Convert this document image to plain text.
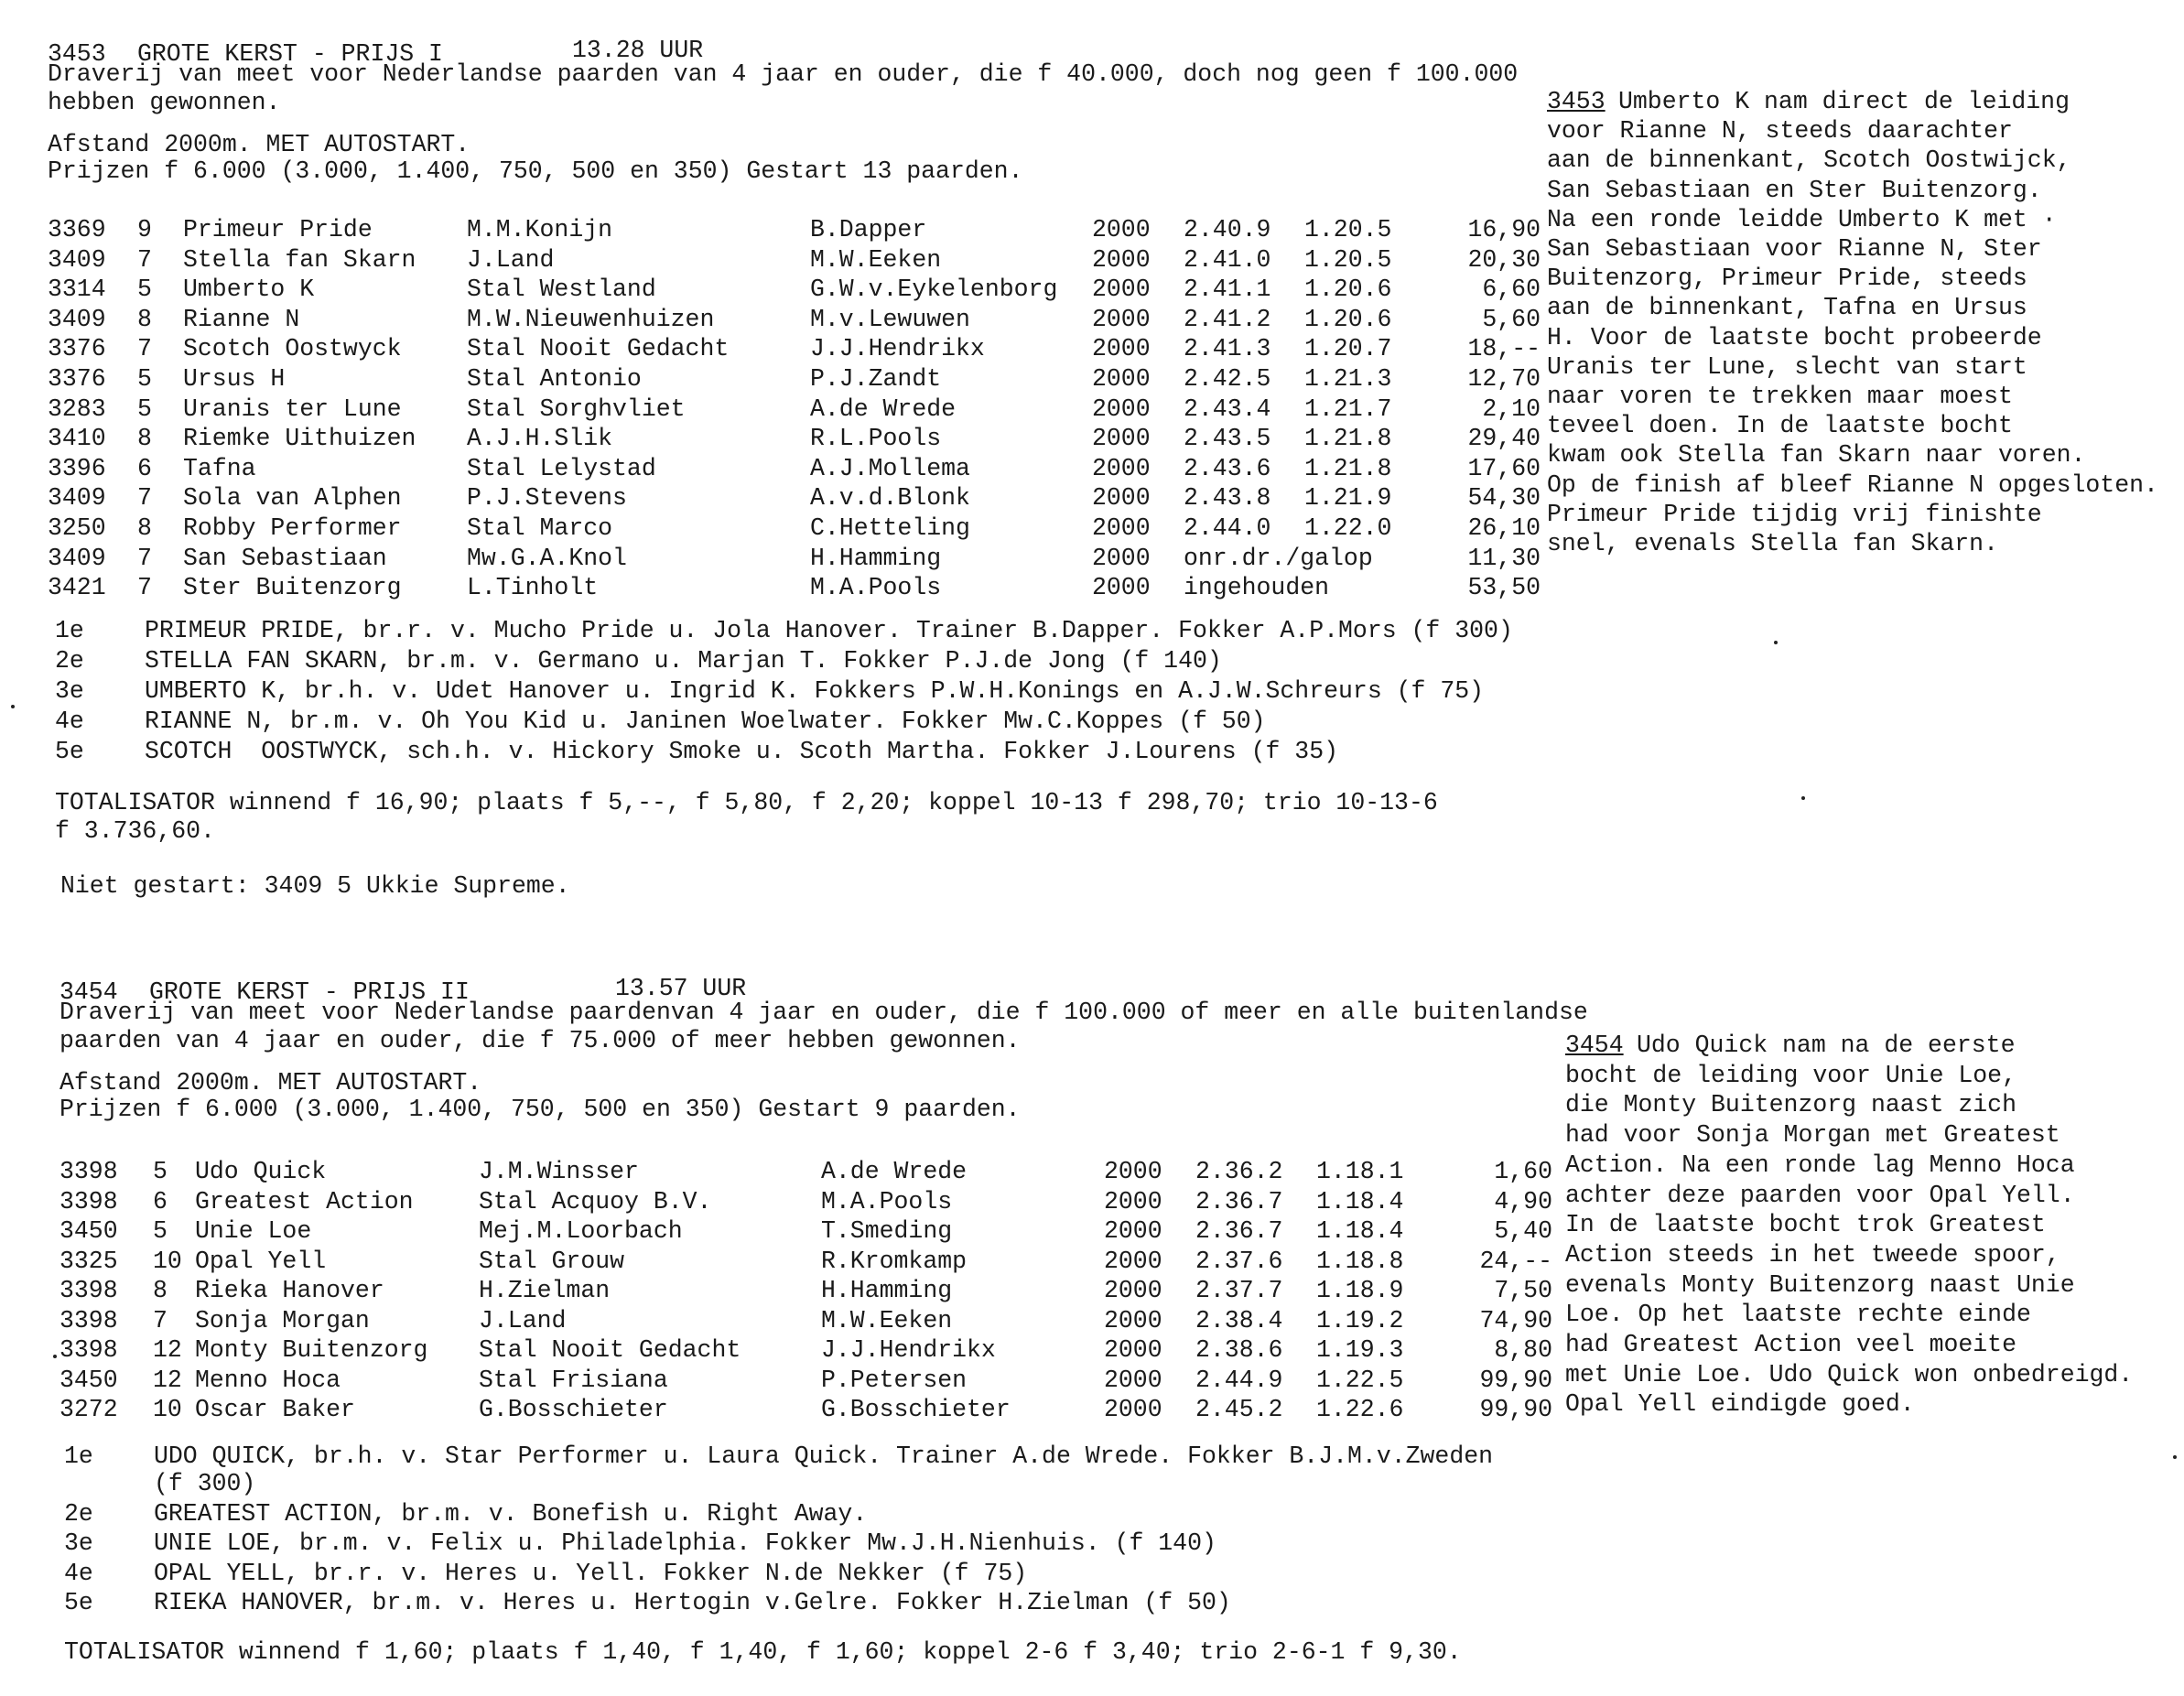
3453 GROTE KERST - PRIJS I	13.28 UUR
Draverij van meet voor Nederlandse paarden van 4 jaar en ouder, die f 40.000, doch nog geen f 100.000
hebben gewonnen.
Afstand 2000m. MET AUTOSTART.
Prijzen f 6.000 (3.000, 1.400, 750, 500 en 350) Gestart 13 paarden.
3453 Umberto K nam direct de leiding
voor Rianne N, steeds daarachter
aan de binnenkant, Scotch Oostwijck,
San Sebastiaan en Ster Buitenzorg.
Na een ronde leidde Umberto K met ·
San Sebastiaan voor Rianne N, Ster
Buitenzorg, Primeur Pride, steeds
aan de binnenkant, Tafna en Ursus
H. Voor de laatste bocht probeerde
Uranis ter Lune, slecht van start
naar voren te trekken maar moest
teveel doen. In de laatste bocht
kwam ook Stella fan Skarn naar voren.
Op de finish af bleef Rianne N opgesloten.
Primeur Pride tijdig vrij finishte
snel, evenals Stella fan Skarn.
3369 9 Primeur Pride	M.M.Konijn	B.Dapper	2000 2.40.9 1.20.5	16,90
3409 7 Stella fan Skarn J.Land	M.W.Eeken	2000 2.41.0 1.20.5	20,30
3314 5 Umberto K	Stal Westland	G.W.v.Eykelenborg 2000 2.41.1 1.20.6	6,60
3409 8 Rianne N	M.W.Nieuwenhuizen	M.v.Lewuwen	2000 2.41.2 1.20.6	5,60
3376 7 Scotch Oostwyck	Stal Nooit Gedacht	J.J.Hendrikx	2000 2.41.3 1.20.7	18,--
3376 5 Ursus H	Stal Antonio	P.J.Zandt	2000 2.42.5 1.21.3	12,70
3283 5 Uranis ter Lune	Stal Sorghvliet	A.de Wrede	2000 2.43.4 1.21.7	2,10
3410 8 Riemke Uithuizen A.J.H.Slik	R.L.Pools	2000 2.43.5 1.21.8	29,40
3396 6 Tafna	Stal Lelystad	A.J.Mollema	2000 2.43.6 1.21.8	17,60
3409 7 Sola van Alphen	P.J.Stevens	A.v.d.Blonk	2000 2.43.8 1.21.9	54,30
3250 8 Robby Performer	Stal Marco	C.Hetteling	2000 2.44.0 1.22.0	26,10
3409 7 San Sebastiaan	Mw.G.A.Knol	H.Hamming	2000 onr.dr./galop	11,30
3421 7 Ster Buitenzorg	L.Tinholt	M.A.Pools	2000 ingehouden	53,50
1e PRIMEUR PRIDE, br.r. v. Mucho Pride u. Jola Hanover. Trainer B.Dapper. Fokker A.P.Mors (f 300)
2e STELLA FAN SKARN, br.m. v. Germano u. Marjan T. Fokker P.J.de Jong (f 140)
3e UMBERTO K, br.h. v. Udet Hanover u. Ingrid K. Fokkers P.W.H.Konings en A.J.W.Schreurs (f 75)
4e RIANNE N, br.m. v. Oh You Kid u. Janinen Woelwater. Fokker Mw.C.Koppes (f 50)
5e SCOTCH  OOSTWYCK, sch.h. v. Hickory Smoke u. Scoth Martha. Fokker J.Lourens (f 35)
TOTALISATOR winnend f 16,90; plaats f 5,--, f 5,80, f 2,20; koppel 10-13 f 298,70; trio 10-13-6
f 3.736,60.
Niet gestart: 3409 5 Ukkie Supreme.
3454 GROTE KERST - PRIJS II	13.57 UUR
Draverij van meet voor Nederlandse paardenvan 4 jaar en ouder, die f 100.000 of meer en alle buitenlandse
paarden van 4 jaar en ouder, die f 75.000 of meer hebben gewonnen.
Afstand 2000m. MET AUTOSTART.
Prijzen f 6.000 (3.000, 1.400, 750, 500 en 350) Gestart 9 paarden.
3454 Udo Quick nam na de eerste
bocht de leiding voor Unie Loe,
die Monty Buitenzorg naast zich
had voor Sonja Morgan met Greatest
Action. Na een ronde lag Menno Hoca
achter deze paarden voor Opal Yell.
In de laatste bocht trok Greatest
Action steeds in het tweede spoor,
evenals Monty Buitenzorg naast Unie
Loe. Op het laatste rechte einde
had Greatest Action veel moeite
met Unie Loe. Udo Quick won onbedreigd.
Opal Yell eindigde goed.
3398 5 Udo Quick	J.M.Winsser	A.de Wrede	2000 2.36.2 1.18.1	1,60
3398 6 Greatest Action	Stal Acquoy B.V.	M.A.Pools	2000 2.36.7 1.18.4	4,90
3450 5 Unie Loe	Mej.M.Loorbach	T.Smeding	2000 2.36.7 1.18.4	5,40
3325 10 Opal Yell	Stal Grouw	R.Kromkamp	2000 2.37.6 1.18.8	24,--
3398 8 Rieka Hanover	H.Zielman	H.Hamming	2000 2.37.7 1.18.9	7,50
3398 7 Sonja Morgan	J.Land	M.W.Eeken	2000 2.38.4 1.19.2	74,90
3398 12 Monty Buitenzorg Stal Nooit Gedacht	J.J.Hendrikx	2000 2.38.6 1.19.3	8,80
3450 12 Menno Hoca	Stal Frisiana	P.Petersen	2000 2.44.9 1.22.5	99,90
3272 10 Oscar Baker	G.Bosschieter	G.Bosschieter	2000 2.45.2 1.22.6	99,90
1e UDO QUICK, br.h. v. Star Performer u. Laura Quick. Trainer A.de Wrede. Fokker B.J.M.v.Zweden
(f 300)
2e GREATEST ACTION, br.m. v. Bonefish u. Right Away.
3e UNIE LOE, br.m. v. Felix u. Philadelphia. Fokker Mw.J.H.Nienhuis. (f 140)
4e OPAL YELL, br.r. v. Heres u. Yell. Fokker N.de Nekker (f 75)
5e RIEKA HANOVER, br.m. v. Heres u. Hertogin v.Gelre. Fokker H.Zielman (f 50)
TOTALISATOR winnend f 1,60; plaats f 1,40, f 1,40, f 1,60; koppel 2-6 f 3,40; trio 2-6-1 f 9,30.
